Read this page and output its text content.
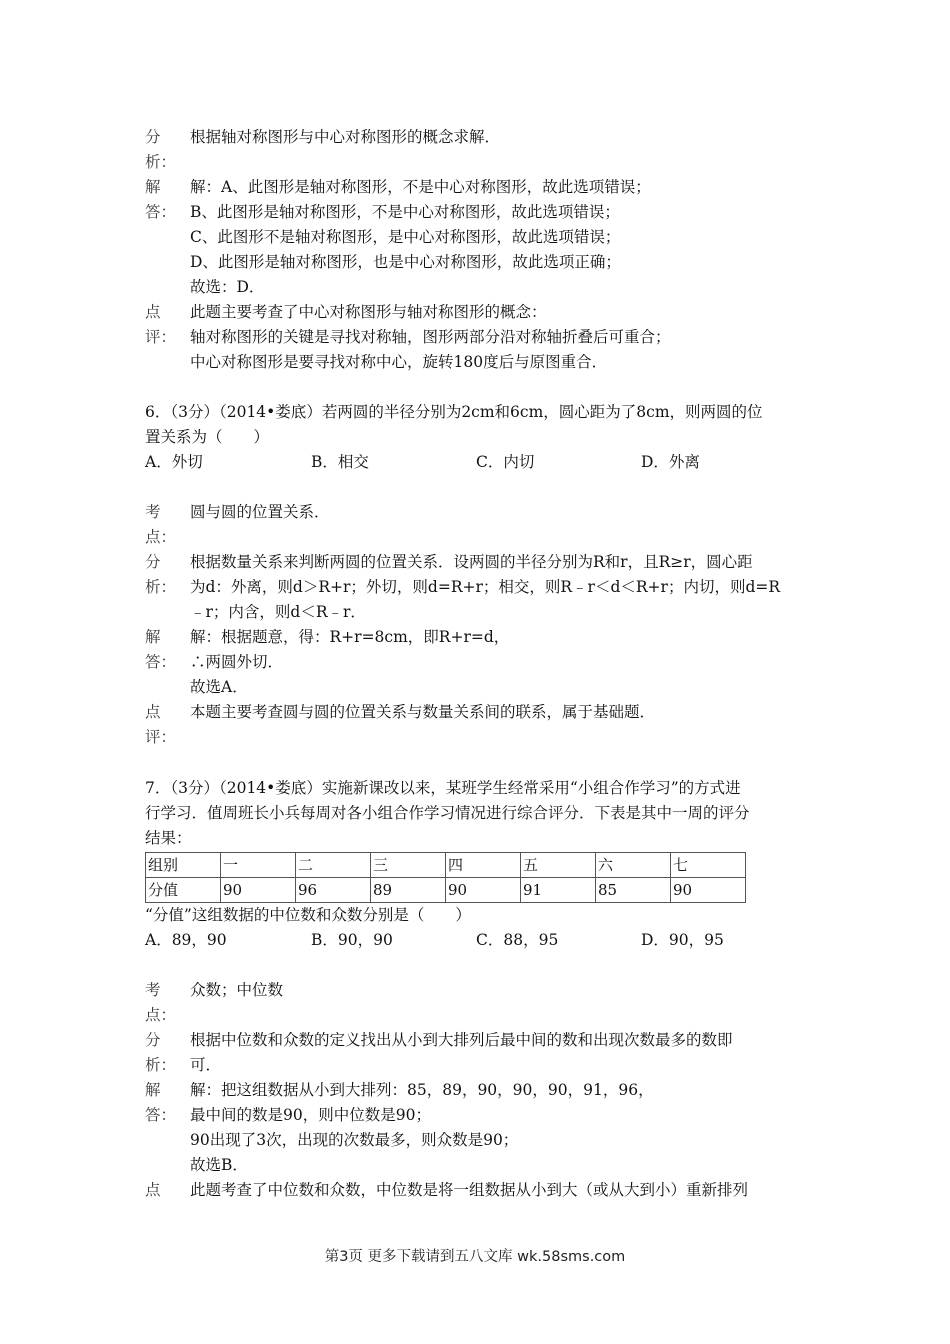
分	根据轴对称图形与中心对称图形的概念求解．
析：
解	解：A、此图形是轴对称图形，不是中心对称图形，故此选项错误；
答： B、此图形是轴对称图形，不是中心对称图形，故此选项错误；
C、此图形不是轴对称图形，是中心对称图形，故此选项错误；
D、此图形是轴对称图形，也是中心对称图形，故此选项正确；
故选：D．
点	此题主要考查了中心对称图形与轴对称图形的概念：
评： 轴对称图形的关键是寻找对称轴，图形两部分沿对称轴折叠后可重合；
中心对称图形是要寻找对称中心，旋转180度后与原图重合．
6．（3分）（2014•娄底）若两圆的半径分别为2cm和6cm，圆心距为了8cm，则两圆的位
置关系为（　　）
A．外切	B．相交	C．内切	D．外离
考	圆与圆的位置关系．
点：
分	根据数量关系来判断两圆的位置关系．设两圆的半径分别为R和r，且R≥r，圆心距
析： 为d：外离，则d＞R+r；外切，则d=R+r；相交，则R﹣r＜d＜R+r；内切，则d=R
﹣r；内含，则d＜R﹣r．
解	解：根据题意，得：R+r=8cm，即R+r=d，
答： ∴两圆外切．
故选A．
点	本题主要考查圆与圆的位置关系与数量关系间的联系，属于基础题．
评：
7．（3分）（2014•娄底）实施新课改以来，某班学生经常采用“小组合作学习”的方式进
行学习．值周班长小兵每周对各小组合作学习情况进行综合评分．下表是其中一周的评分
结果：
组别	一	二	三	四	五	六	七
分值	90	96	89	90	91	85	90
“分值”这组数据的中位数和众数分别是（　　）
A．89，90	B．90，90	C．88，95	D．90，95
考	众数；中位数
点：
分	根据中位数和众数的定义找出从小到大排列后最中间的数和出现次数最多的数即
析： 可．
解	解：把这组数据从小到大排列：85，89，90，90，90，91，96，
答： 最中间的数是90，则中位数是90；
90出现了3次，出现的次数最多，则众数是90；
故选B．
点	此题考查了中位数和众数，中位数是将一组数据从小到大（或从大到小）重新排列
第3页 更多下载请到五八文库 wk.58sms.com
